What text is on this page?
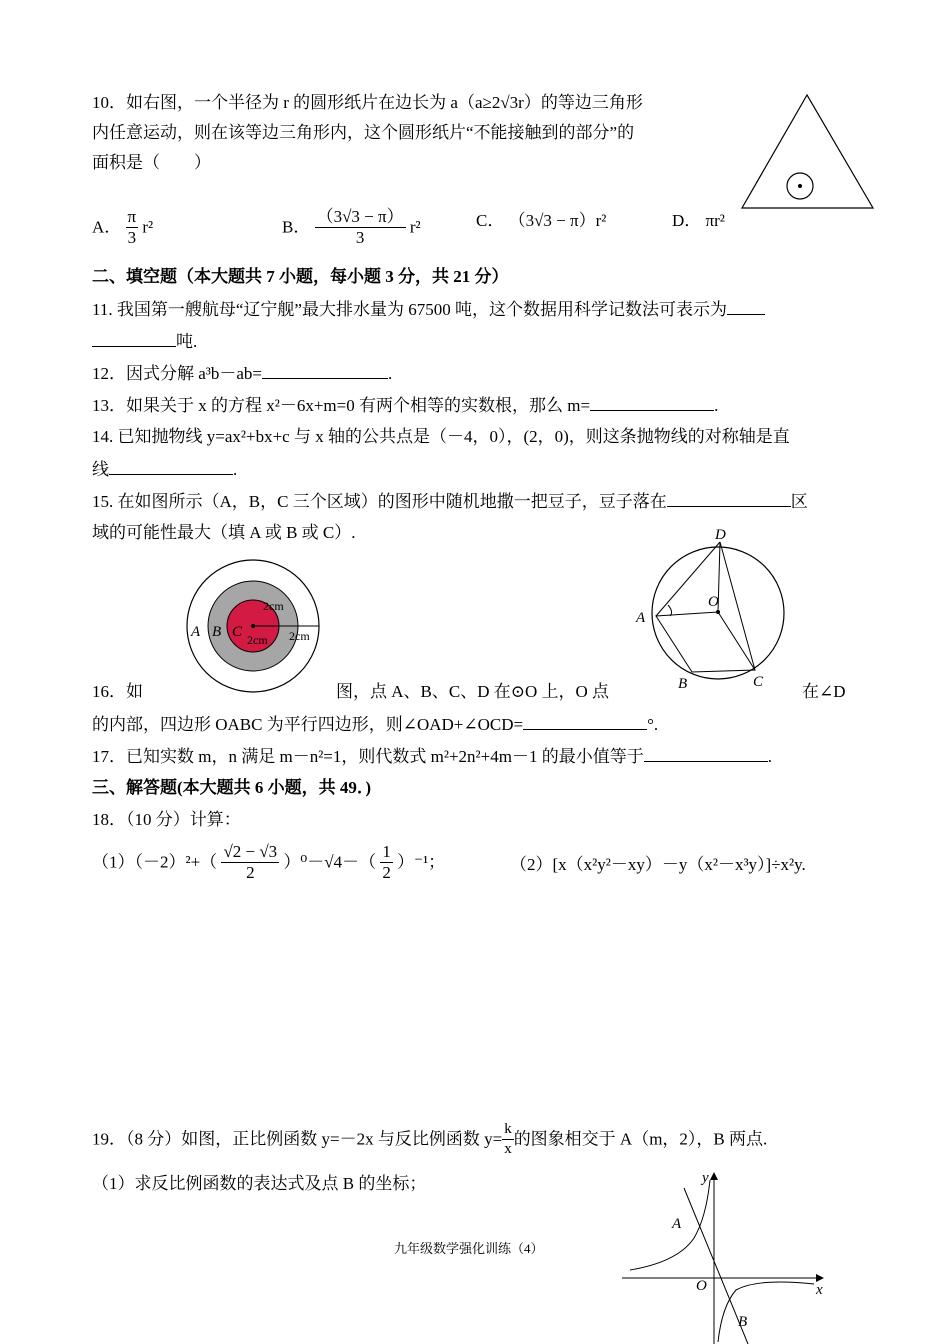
10．如右图，一个半径为 r 的圆形纸片在边长为 a（a≥2√3r）的等边三角形
内任意运动，则在该等边三角形内，这个圆形纸片“不能接触到的部分”的
面积是（　　）
A． $\frac{\pi}{3} r^2$	B． $\frac{(3√3 - \pi)}{3} r^2$	C． （3√3 − π）r²	D． πr²
二、填空题（本大题共 7 小题，每小题 3 分，共 21 分）
11. 我国第一艘航母“辽宁舰”最大排水量为 67500 吨，这个数据用科学记数法可表示为
吨.
12．因式分解 a³b－ab=	.
13．如果关于 x 的方程 x²－6x+m=0 有两个相等的实数根，那么 m=	.
14. 已知抛物线 y=ax²+bx+c 与 x 轴的公共点是（－4，0），(2，0)，则这条抛物线的对称轴是直
线	.
15. 在如图所示（A，B，C 三个区域）的图形中随机地撒一把豆子，豆子落在	区
域的可能性最大（填 A 或 B 或 C）.
A B C
2cm
2cm 2cm
D
O
A
B	C
16．如	图，点 A、B、C、D 在⊙O 上，O 点	在∠D
的内部，四边形 OABC 为平行四边形，则∠OAD+∠OCD=	°.
17．已知实数 m，n 满足 m－n²=1，则代数式 m²+2n²+4m－1 的最小值等于	.
三、解答题(本大题共 6 小题，共 49．)
18．（10 分）计算：
$(1)(-2)^2+( \frac{√2 - √3}{2} )^0-√4-( \frac{1}{2} )^{-1}$；	（2）[x（x²y²－xy）－y（x²－x³y）]÷x²y.
19．（8 分）如图，正比例函数 y=－2x 与反比例函数 $y= \frac{k}{x}$ 的图象相交于 A（m，2），B 两点.
（1）求反比例函数的表达式及点 B 的坐标；	y
x
O
A
B
九年级数学强化训练（4）
